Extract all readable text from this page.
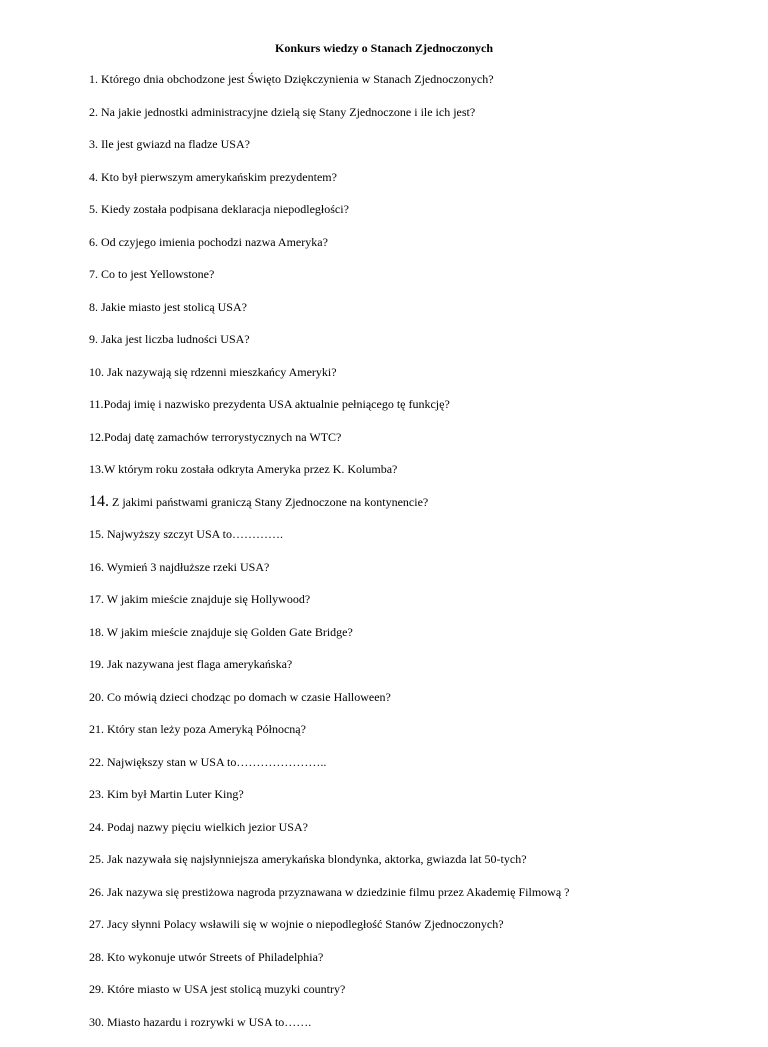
Konkurs wiedzy o Stanach Zjednoczonych
1. Którego dnia obchodzone jest Święto Dziękczynienia w Stanach Zjednoczonych?
2. Na jakie jednostki administracyjne dzielą się Stany Zjednoczone i ile ich jest?
3. Ile jest gwiazd na fladze USA?
4. Kto był pierwszym amerykańskim prezydentem?
5. Kiedy została podpisana deklaracja niepodległości?
6. Od czyjego imienia pochodzi nazwa Ameryka?
7. Co to jest Yellowstone?
8. Jakie miasto jest stolicą USA?
9. Jaka jest liczba ludności USA?
10. Jak nazywają się rdzenni mieszkańcy Ameryki?
11.Podaj imię i nazwisko prezydenta USA aktualnie pełniącego tę funkcję?
12.Podaj datę zamachów terrorystycznych na WTC?
13.W którym roku została odkryta Ameryka przez K. Kolumba?
14. Z jakimi państwami graniczą Stany Zjednoczone na kontynencie?
15. Najwyższy szczyt USA to………….
16. Wymień 3 najdłuższe rzeki USA?
17. W jakim mieście znajduje się Hollywood?
18. W jakim mieście znajduje się Golden Gate Bridge?
19. Jak nazywana jest flaga amerykańska?
20. Co mówią dzieci chodząc po domach w czasie Halloween?
21. Który stan leży poza Ameryką Północną?
22. Największy stan w USA to…………………..
23. Kim był Martin Luter King?
24. Podaj nazwy pięciu wielkich jezior USA?
25. Jak nazywała się najsłynniejsza amerykańska blondynka, aktorka, gwiazda lat 50-tych?
26. Jak nazywa się prestiżowa nagroda przyznawana w dziedzinie filmu przez Akademię Filmową ?
27. Jacy słynni Polacy wsławili się w wojnie o niepodległość Stanów Zjednoczonych?
28. Kto wykonuje utwór Streets of Philadelphia?
29. Które miasto w USA jest stolicą muzyki country?
30. Miasto hazardu i rozrywki w USA to…….
